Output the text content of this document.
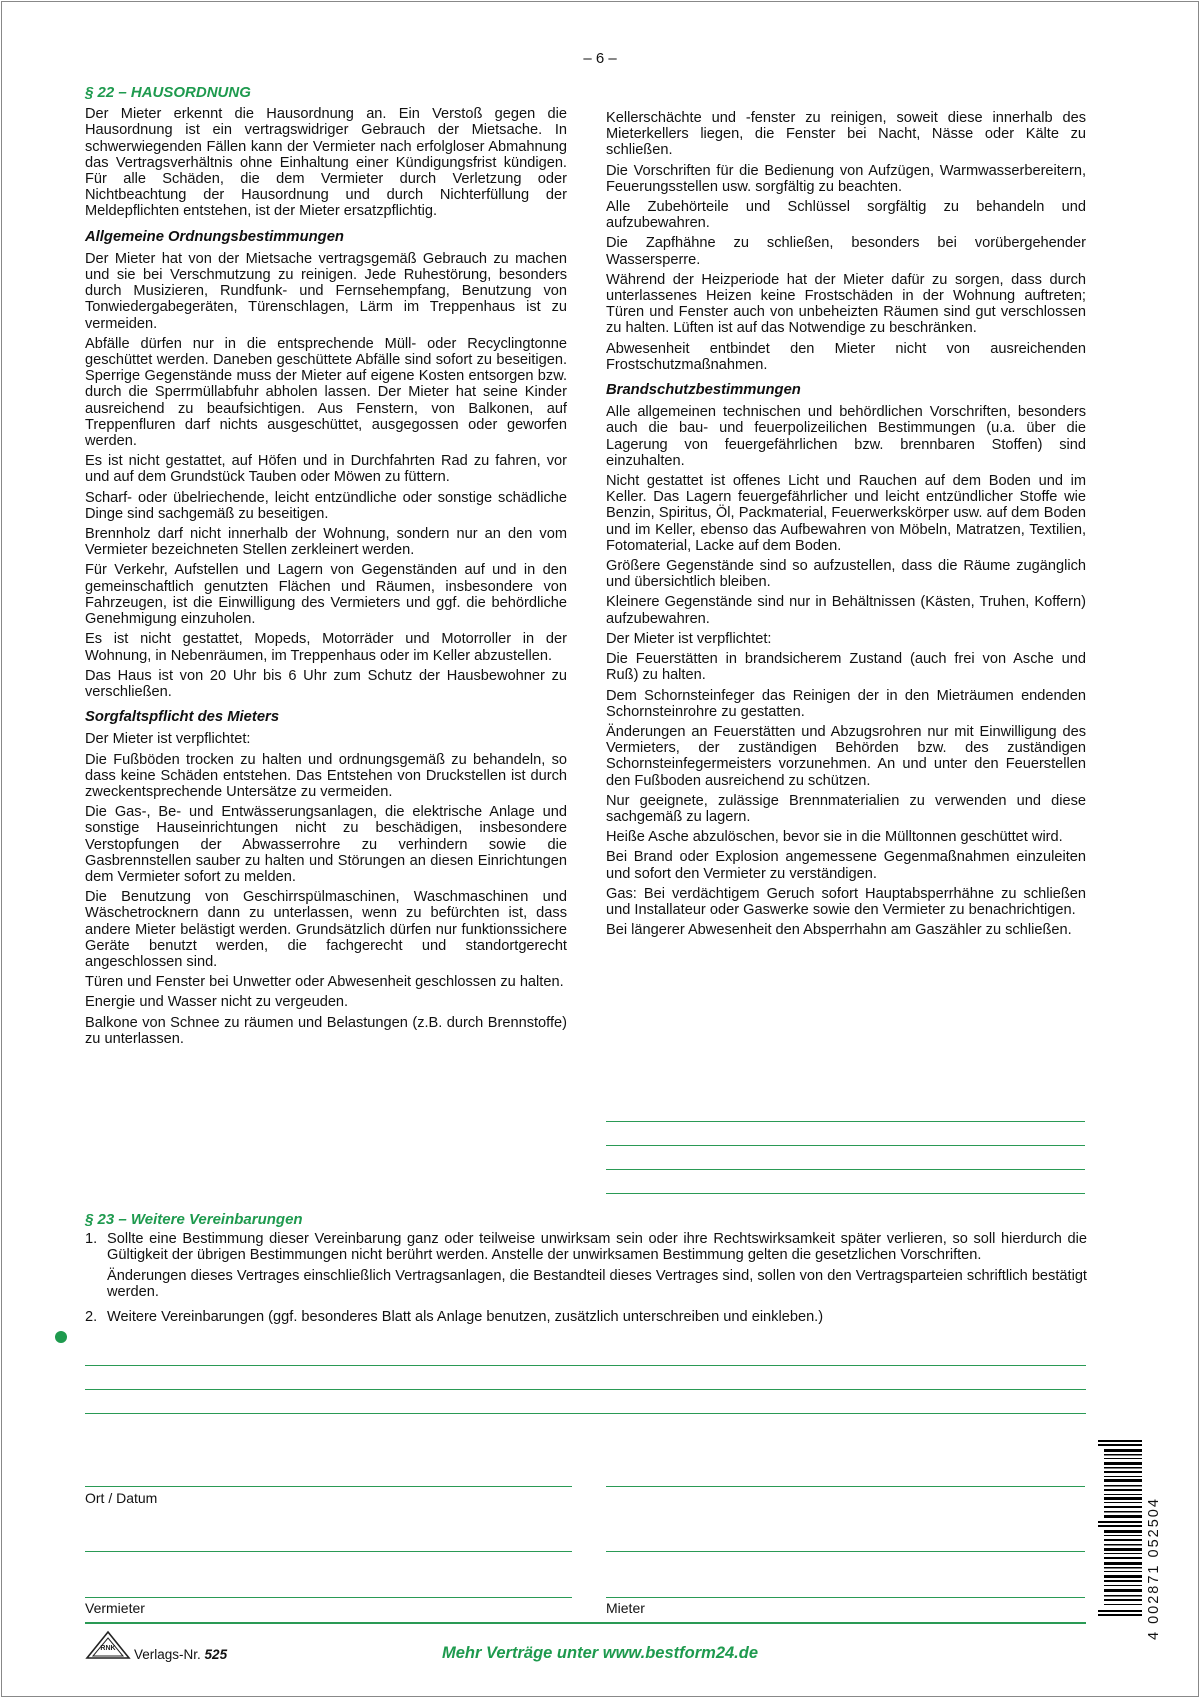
– 6 –
§ 22 – HAUSORDNUNG

Der Mieter erkennt die Hausordnung an. Ein Verstoß gegen die Hausordnung ist ein vertragswidriger Gebrauch der Mietsache. In schwerwiegenden Fällen kann der Vermieter nach erfolgloser Abmahnung das Vertragsverhältnis ohne Einhaltung einer Kündigungsfrist kündigen. Für alle Schäden, die dem Vermieter durch Verletzung oder Nichtbeachtung der Hausordnung und durch Nichterfüllung der Meldepflichten entstehen, ist der Mieter ersatzpflichtig.

Allgemeine Ordnungsbestimmungen

Der Mieter hat von der Mietsache vertragsgemäß Gebrauch zu machen und sie bei Verschmutzung zu reinigen. Jede Ruhestörung, besonders durch Musizieren, Rundfunk- und Fernsehempfang, Benutzung von Tonwiedergabegeräten, Türenschlagen, Lärm im Treppenhaus ist zu vermeiden.

Abfälle dürfen nur in die entsprechende Müll- oder Recyclingtonne geschüttet werden. Daneben geschüttete Abfälle sind sofort zu beseitigen. Sperrige Gegenstände muss der Mieter auf eigene Kosten entsorgen bzw. durch die Sperrmüllabfuhr abholen lassen. Der Mieter hat seine Kinder ausreichend zu beaufsichtigen. Aus Fenstern, von Balkonen, auf Treppenfluren darf nichts ausgeschüttet, ausgegossen oder geworfen werden.

Es ist nicht gestattet, auf Höfen und in Durchfahrten Rad zu fahren, vor und auf dem Grundstück Tauben oder Möwen zu füttern.

Scharf- oder übelriechende, leicht entzündliche oder sonstige schädliche Dinge sind sachgemäß zu beseitigen.

Brennholz darf nicht innerhalb der Wohnung, sondern nur an den vom Vermieter bezeichneten Stellen zerkleinert werden.

Für Verkehr, Aufstellen und Lagern von Gegenständen auf und in den gemeinschaftlich genutzten Flächen und Räumen, insbesondere von Fahrzeugen, ist die Einwilligung des Vermieters und ggf. die behördliche Genehmigung einzuholen.

Es ist nicht gestattet, Mopeds, Motorräder und Motorroller in der Wohnung, in Nebenräumen, im Treppenhaus oder im Keller abzustellen.

Das Haus ist von 20 Uhr bis 6 Uhr zum Schutz der Hausbewohner zu verschließen.

Sorgfaltspflicht des Mieters

Der Mieter ist verpflichtet:

Die Fußböden trocken zu halten und ordnungsgemäß zu behandeln, so dass keine Schäden entstehen. Das Entstehen von Druckstellen ist durch zweckentsprechende Untersätze zu vermeiden.

Die Gas-, Be- und Entwässerungsanlagen, die elektrische Anlage und sonstige Hauseinrichtungen nicht zu beschädigen, insbesondere Verstopfungen der Abwasserrohre zu verhindern sowie die Gasbrennstellen sauber zu halten und Störungen an diesen Einrichtungen dem Vermieter sofort zu melden.

Die Benutzung von Geschirrspülmaschinen, Waschmaschinen und Wäschetrocknern dann zu unterlassen, wenn zu befürchten ist, dass andere Mieter belästigt werden. Grundsätzlich dürfen nur funktionssichere Geräte benutzt werden, die fachgerecht und standortgerecht angeschlossen sind.

Türen und Fenster bei Unwetter oder Abwesenheit geschlossen zu halten.

Energie und Wasser nicht zu vergeuden.

Balkone von Schnee zu räumen und Belastungen (z.B. durch Brennstoffe) zu unterlassen.

Kellerschächte und -fenster zu reinigen, soweit diese innerhalb des Mieterkellers liegen, die Fenster bei Nacht, Nässe oder Kälte zu schließen.

Die Vorschriften für die Bedienung von Aufzügen, Warmwasserbereitern, Feuerungsstellen usw. sorgfältig zu beachten.

Alle Zubehörteile und Schlüssel sorgfältig zu behandeln und aufzubewahren.

Die Zapfhähne zu schließen, besonders bei vorübergehender Wassersperre.

Während der Heizperiode hat der Mieter dafür zu sorgen, dass durch unterlassenes Heizen keine Frostschäden in der Wohnung auftreten; Türen und Fenster auch von unbeheizten Räumen sind gut verschlossen zu halten. Lüften ist auf das Notwendige zu beschränken.

Abwesenheit entbindet den Mieter nicht von ausreichenden Frostschutzmaßnahmen.

Brandschutzbestimmungen

Alle allgemeinen technischen und behördlichen Vorschriften, besonders auch die bau- und feuerpolizeilichen Bestimmungen (u.a. über die Lagerung von feuergefährlichen bzw. brennbaren Stoffen) sind einzuhalten.

Nicht gestattet ist offenes Licht und Rauchen auf dem Boden und im Keller. Das Lagern feuergefährlicher und leicht entzündlicher Stoffe wie Benzin, Spiritus, Öl, Packmaterial, Feuerwerkskörper usw. auf dem Boden und im Keller, ebenso das Aufbewahren von Möbeln, Matratzen, Textilien, Fotomaterial, Lacke auf dem Boden.

Größere Gegenstände sind so aufzustellen, dass die Räume zugänglich und übersichtlich bleiben.

Kleinere Gegenstände sind nur in Behältnissen (Kästen, Truhen, Koffern) aufzubewahren.

Der Mieter ist verpflichtet:

Die Feuerstätten in brandsicherem Zustand (auch frei von Asche und Ruß) zu halten.

Dem Schornsteinfeger das Reinigen der in den Mieträumen endenden Schornsteinrohre zu gestatten.

Änderungen an Feuerstätten und Abzugsrohren nur mit Einwilligung des Vermieters, der zuständigen Behörden bzw. des zuständigen Schornsteinfegermeisters vorzunehmen. An und unter den Feuerstellen den Fußboden ausreichend zu schützen.

Nur geeignete, zulässige Brennmaterialien zu verwenden und diese sachgemäß zu lagern.

Heiße Asche abzulöschen, bevor sie in die Mülltonnen geschüttet wird.

Bei Brand oder Explosion angemessene Gegenmaßnahmen einzuleiten und sofort den Vermieter zu verständigen.

Gas: Bei verdächtigem Geruch sofort Hauptabsperrhähne zu schließen und Installateur oder Gaswerke sowie den Vermieter zu benachrichtigen.

Bei längerer Abwesenheit den Absperrhahn am Gaszähler zu schließen.

§ 23 – Weitere Vereinbarungen
1. Sollte eine Bestimmung dieser Vereinbarung ganz oder teilweise unwirksam sein oder ihre Rechtswirksamkeit später verlieren, so soll hierdurch die Gültigkeit der übrigen Bestimmungen nicht berührt werden. Anstelle der unwirksamen Bestimmung gelten die gesetzlichen Vorschriften.

Änderungen dieses Vertrages einschließlich Vertragsanlagen, die Bestandteil dieses Vertrages sind, sollen von den Vertragsparteien schriftlich bestätigt werden.

2. Weitere Vereinbarungen (ggf. besonderes Blatt als Anlage benutzen, zusätzlich unterschreiben und einkleben.)

Ort / Datum
Vermieter	Mieter
RNK Verlags-Nr. 525	Mehr Verträge unter www.bestform24.de
4 002871 052504
